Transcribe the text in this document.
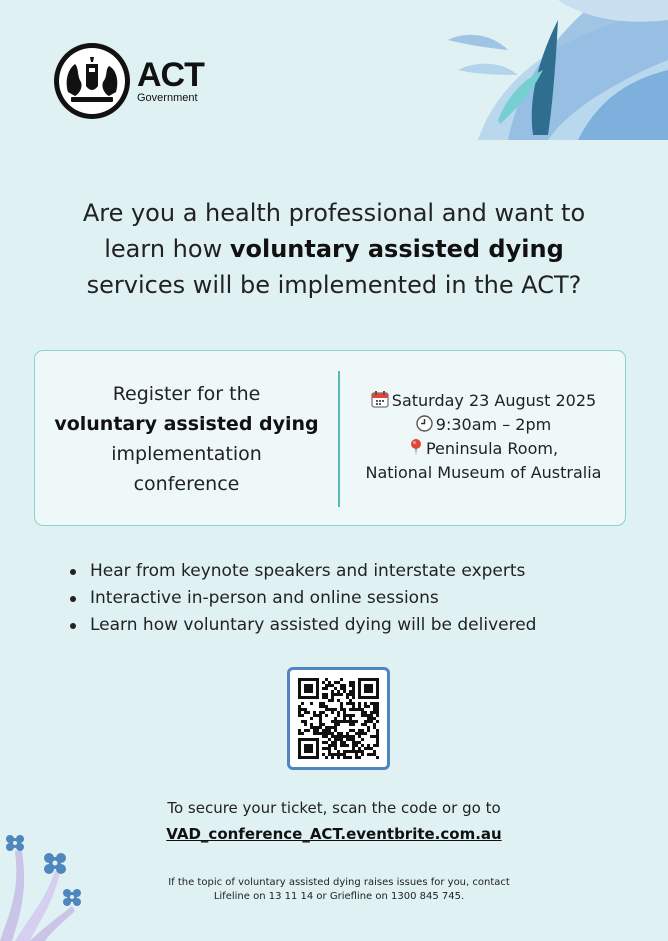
ACT
Government
Are you a health professional and want to
learn how voluntary assisted dying
services will be implemented in the ACT?
Register for the
voluntary assisted dying
implementation
conference
Saturday 23 August 2025
9:30am – 2pm
Peninsula Room,
National Museum of Australia
Hear from keynote speakers and interstate experts
Interactive in-person and online sessions
Learn how voluntary assisted dying will be delivered
To secure your ticket, scan the code or go to
VAD_conference_ACT.eventbrite.com.au
If the topic of voluntary assisted dying raises issues for you, contact
Lifeline on 13 11 14 or Griefline on 1300 845 745.
